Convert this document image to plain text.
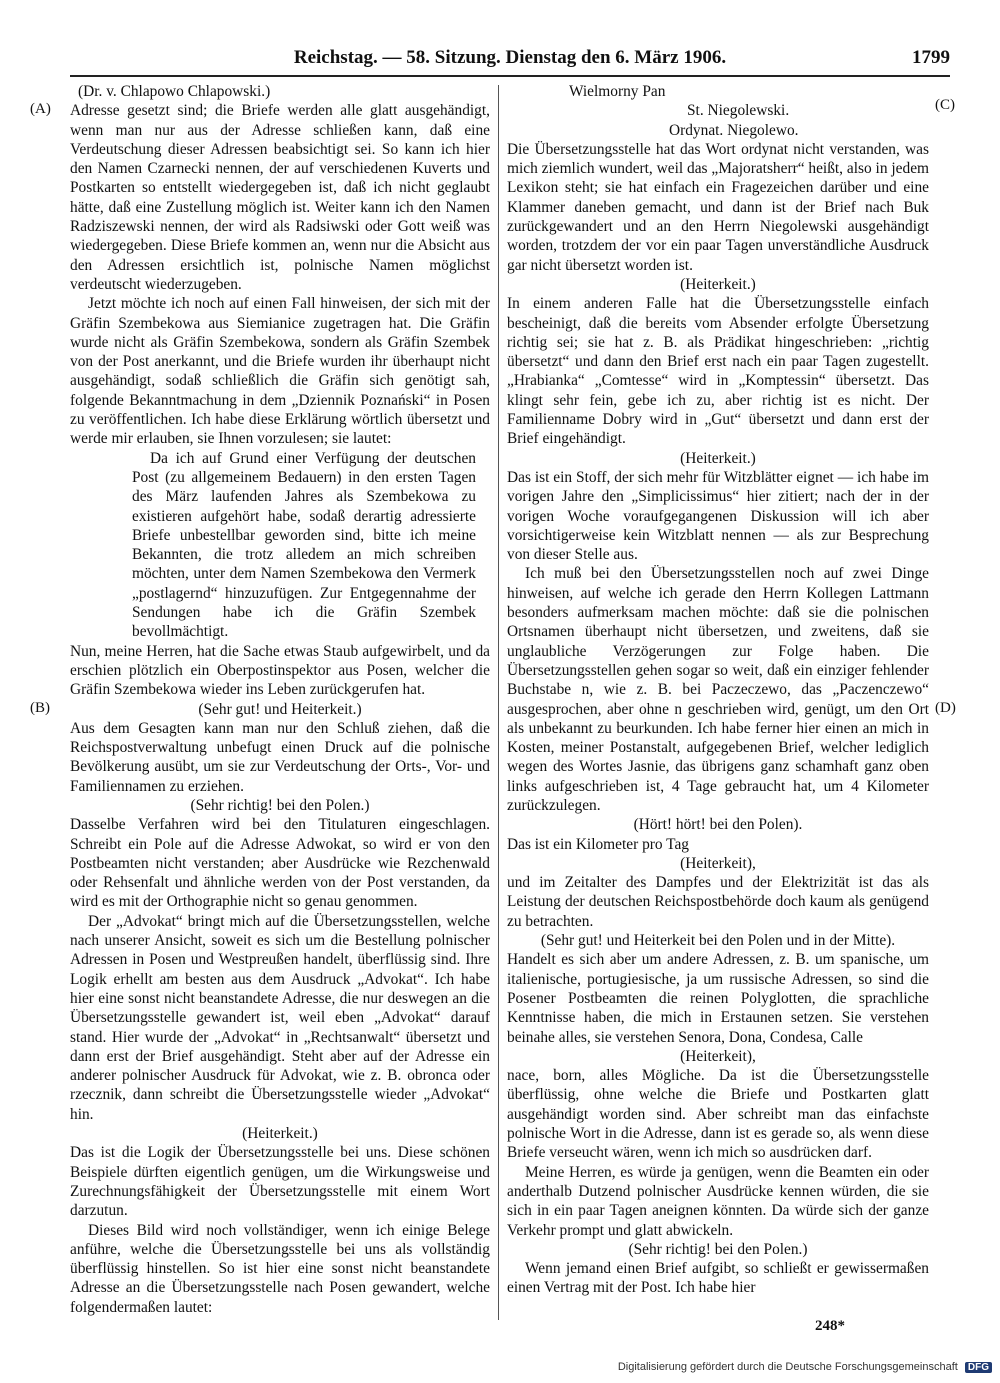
Reichstag. — 58. Sitzung. Dienstag den 6. März 1906.	1799
(A)
(B)
(C)
(D)

(Dr. v. Chlapowo Chlapowski.)

Adresse gesetzt sind; die Briefe werden alle glatt ausgehändigt, wenn man nur aus der Adresse schließen kann, daß eine Verdeutschung dieser Adressen beabsichtigt sei. So kann ich hier den Namen Czarnecki nennen, der auf verschiedenen Kuverts und Postkarten so entstellt wiedergegeben ist, daß ich nicht geglaubt hätte, daß eine Zustellung möglich ist. Weiter kann ich den Namen Radziszewski nennen, der wird als Radsiwski oder Gott weiß was wiedergegeben. Diese Briefe kommen an, wenn nur die Absicht aus den Adressen ersichtlich ist, polnische Namen möglichst verdeutscht wiederzugeben.

Jetzt möchte ich noch auf einen Fall hinweisen, der sich mit der Gräfin Szembekowa aus Siemianice zugetragen hat. Die Gräfin wurde nicht als Gräfin Szembekowa, sondern als Gräfin Szembek von der Post anerkannt, und die Briefe wurden ihr überhaupt nicht ausgehändigt, sodaß schließlich die Gräfin sich genötigt sah, folgende Bekanntmachung in dem „Dziennik Poznański“ in Posen zu veröffentlichen. Ich habe diese Erklärung wörtlich übersetzt und werde mir erlauben, sie Ihnen vorzulesen; sie lautet:

Da ich auf Grund einer Verfügung der deutschen Post (zu allgemeinem Bedauern) in den ersten Tagen des März laufenden Jahres als Szembekowa zu existieren aufgehört habe, sodaß derartig adressierte Briefe unbestellbar geworden sind, bitte ich meine Bekannten, die trotz alledem an mich schreiben möchten, unter dem Namen Szembekowa den Vermerk „postlagernd“ hinzuzufügen. Zur Entgegennahme der Sendungen habe ich die Gräfin Szembek bevollmächtigt.

Nun, meine Herren, hat die Sache etwas Staub aufgewirbelt, und da erschien plötzlich ein Oberpostinspektor aus Posen, welcher die Gräfin Szembekowa wieder ins Leben zurückgerufen hat.

(Sehr gut! und Heiterkeit.)

Aus dem Gesagten kann man nur den Schluß ziehen, daß die Reichspostverwaltung unbefugt einen Druck auf die polnische Bevölkerung ausübt, um sie zur Verdeutschung der Orts-, Vor- und Familiennamen zu erziehen.

(Sehr richtig! bei den Polen.)

Dasselbe Verfahren wird bei den Titulaturen eingeschlagen. Schreibt ein Pole auf die Adresse Adwokat, so wird er von den Postbeamten nicht verstanden; aber Ausdrücke wie Rezchenwald oder Rehsenfalt und ähnliche werden von der Post verstanden, da wird es mit der Orthographie nicht so genau genommen.

Der „Advokat“ bringt mich auf die Übersetzungsstellen, welche nach unserer Ansicht, soweit es sich um die Bestellung polnischer Adressen in Posen und Westpreußen handelt, überflüssig sind. Ihre Logik erhellt am besten aus dem Ausdruck „Advokat“. Ich habe hier eine sonst nicht beanstandete Adresse, die nur deswegen an die Übersetzungsstelle gewandert ist, weil eben „Advokat“ darauf stand. Hier wurde der „Advokat“ in „Rechtsanwalt“ übersetzt und dann erst der Brief ausgehändigt. Steht aber auf der Adresse ein anderer polnischer Ausdruck für Advokat, wie z. B. obronca oder rzecznik, dann schreibt die Übersetzungsstelle wieder „Advokat“ hin.

(Heiterkeit.)

Das ist die Logik der Übersetzungsstelle bei uns. Diese schönen Beispiele dürften eigentlich genügen, um die Wirkungsweise und Zurechnungsfähigkeit der Übersetzungsstelle mit einem Wort darzutun.

Dieses Bild wird noch vollständiger, wenn ich einige Belege anführe, welche die Übersetzungsstelle bei uns als vollständig überflüssig hinstellen. So ist hier eine sonst nicht beanstandete Adresse an die Übersetzungsstelle nach Posen gewandert, welche folgendermaßen lautet:

Wielmorny Pan

St. Niegolewski.

Ordynat. Niegolewo.

Die Übersetzungsstelle hat das Wort ordynat nicht verstanden, was mich ziemlich wundert, weil das „Majoratsherr“ heißt, also in jedem Lexikon steht; sie hat einfach ein Fragezeichen darüber und eine Klammer daneben gemacht, und dann ist der Brief nach Buk zurückgewandert und an den Herrn Niegolewski ausgehändigt worden, trotzdem der vor ein paar Tagen unverständliche Ausdruck gar nicht übersetzt worden ist.

(Heiterkeit.)

In einem anderen Falle hat die Übersetzungsstelle einfach bescheinigt, daß die bereits vom Absender erfolgte Übersetzung richtig sei; sie hat z. B. als Prädikat hingeschrieben: „richtig übersetzt“ und dann den Brief erst nach ein paar Tagen zugestellt. „Hrabianka“ „Comtesse“ wird in „Komptessin“ übersetzt. Das klingt sehr fein, gebe ich zu, aber richtig ist es nicht. Der Familienname Dobry wird in „Gut“ übersetzt und dann erst der Brief eingehändigt.

(Heiterkeit.)

Das ist ein Stoff, der sich mehr für Witzblätter eignet — ich habe im vorigen Jahre den „Simplicissimus“ hier zitiert; nach der in der vorigen Woche voraufgegangenen Diskussion will ich aber vorsichtigerweise kein Witzblatt nennen — als zur Besprechung von dieser Stelle aus.

Ich muß bei den Übersetzungsstellen noch auf zwei Dinge hinweisen, auf welche ich gerade den Herrn Kollegen Lattmann besonders aufmerksam machen möchte: daß sie die polnischen Ortsnamen überhaupt nicht übersetzen, und zweitens, daß sie unglaubliche Verzögerungen zur Folge haben. Die Übersetzungsstellen gehen sogar so weit, daß ein einziger fehlender Buchstabe n, wie z. B. bei Paczeczewo, das „Paczenczewo“ ausgesprochen, aber ohne n geschrieben wird, genügt, um den Ort als unbekannt zu beurkunden. Ich habe ferner hier einen an mich in Kosten, meiner Postanstalt, aufgegebenen Brief, welcher lediglich wegen des Wortes Jasnie, das übrigens ganz schamhaft ganz oben links aufgeschrieben ist, 4 Tage gebraucht hat, um 4 Kilometer zurückzulegen.

(Hört! hört! bei den Polen).

Das ist ein Kilometer pro Tag

(Heiterkeit),

und im Zeitalter des Dampfes und der Elektrizität ist das als Leistung der deutschen Reichspostbehörde doch kaum als genügend zu betrachten.

(Sehr gut! und Heiterkeit bei den Polen und in der Mitte).

Handelt es sich aber um andere Adressen, z. B. um spanische, um italienische, portugiesische, ja um russische Adressen, so sind die Posener Postbeamten die reinen Polyglotten, die sprachliche Kenntnisse haben, die mich in Erstaunen setzen. Sie verstehen beinahe alles, sie verstehen Senora, Dona, Condesa, Calle

(Heiterkeit),

nace, born, alles Mögliche. Da ist die Übersetzungsstelle überflüssig, ohne welche die Briefe und Postkarten glatt ausgehändigt worden sind. Aber schreibt man das einfachste polnische Wort in die Adresse, dann ist es gerade so, als wenn diese Briefe verseucht wären, wenn ich mich so ausdrücken darf.

Meine Herren, es würde ja genügen, wenn die Beamten ein oder anderthalb Dutzend polnischer Ausdrücke kennen würden, die sie sich in ein paar Tagen aneignen könnten. Da würde sich der ganze Verkehr prompt und glatt abwickeln.

(Sehr richtig! bei den Polen.)

Wenn jemand einen Brief aufgibt, so schließt er gewissermaßen einen Vertrag mit der Post. Ich habe hier

248*
Digitalisierung gefördert durch die Deutsche Forschungsgemeinschaft DFG
